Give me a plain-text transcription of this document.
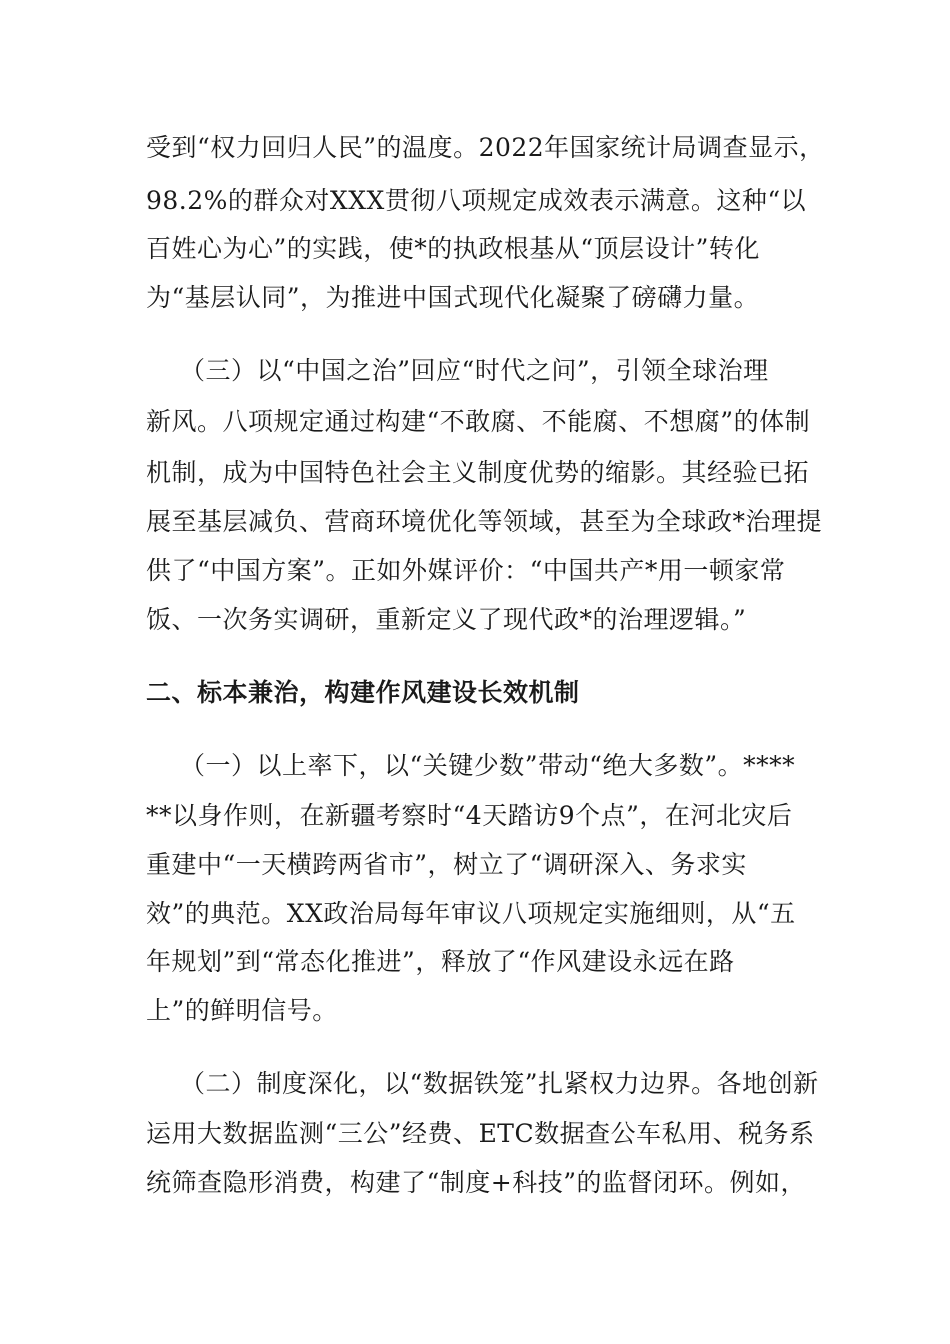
受到“权力回归人民”的温度。2022年国家统计局调查显示，
98.2%的群众对XXX贯彻八项规定成效表示满意。这种“以
百姓心为心”的实践，使*的执政根基从“顶层设计”转化
为“基层认同”，为推进中国式现代化凝聚了磅礴力量。
（三）以“中国之治”回应“时代之问”，引领全球治理
新风。八项规定通过构建“不敢腐、不能腐、不想腐”的体制
机制，成为中国特色社会主义制度优势的缩影。其经验已拓
展至基层减负、营商环境优化等领域，甚至为全球政*治理提
供了“中国方案”。正如外媒评价：“中国共产*用一顿家常
饭、一次务实调研，重新定义了现代政*的治理逻辑。”
二、标本兼治，构建作风建设长效机制
（一）以上率下，以“关键少数”带动“绝大多数”。****
**以身作则，在新疆考察时“4天踏访9个点”，在河北灾后
重建中“一天横跨两省市”，树立了“调研深入、务求实
效”的典范。XX政治局每年审议八项规定实施细则，从“五
年规划”到“常态化推进”，释放了“作风建设永远在路
上”的鲜明信号。
（二）制度深化，以“数据铁笼”扎紧权力边界。各地创新
运用大数据监测“三公”经费、ETC数据查公车私用、税务系
统筛查隐形消费，构建了“制度+科技”的监督闭环。例如，
